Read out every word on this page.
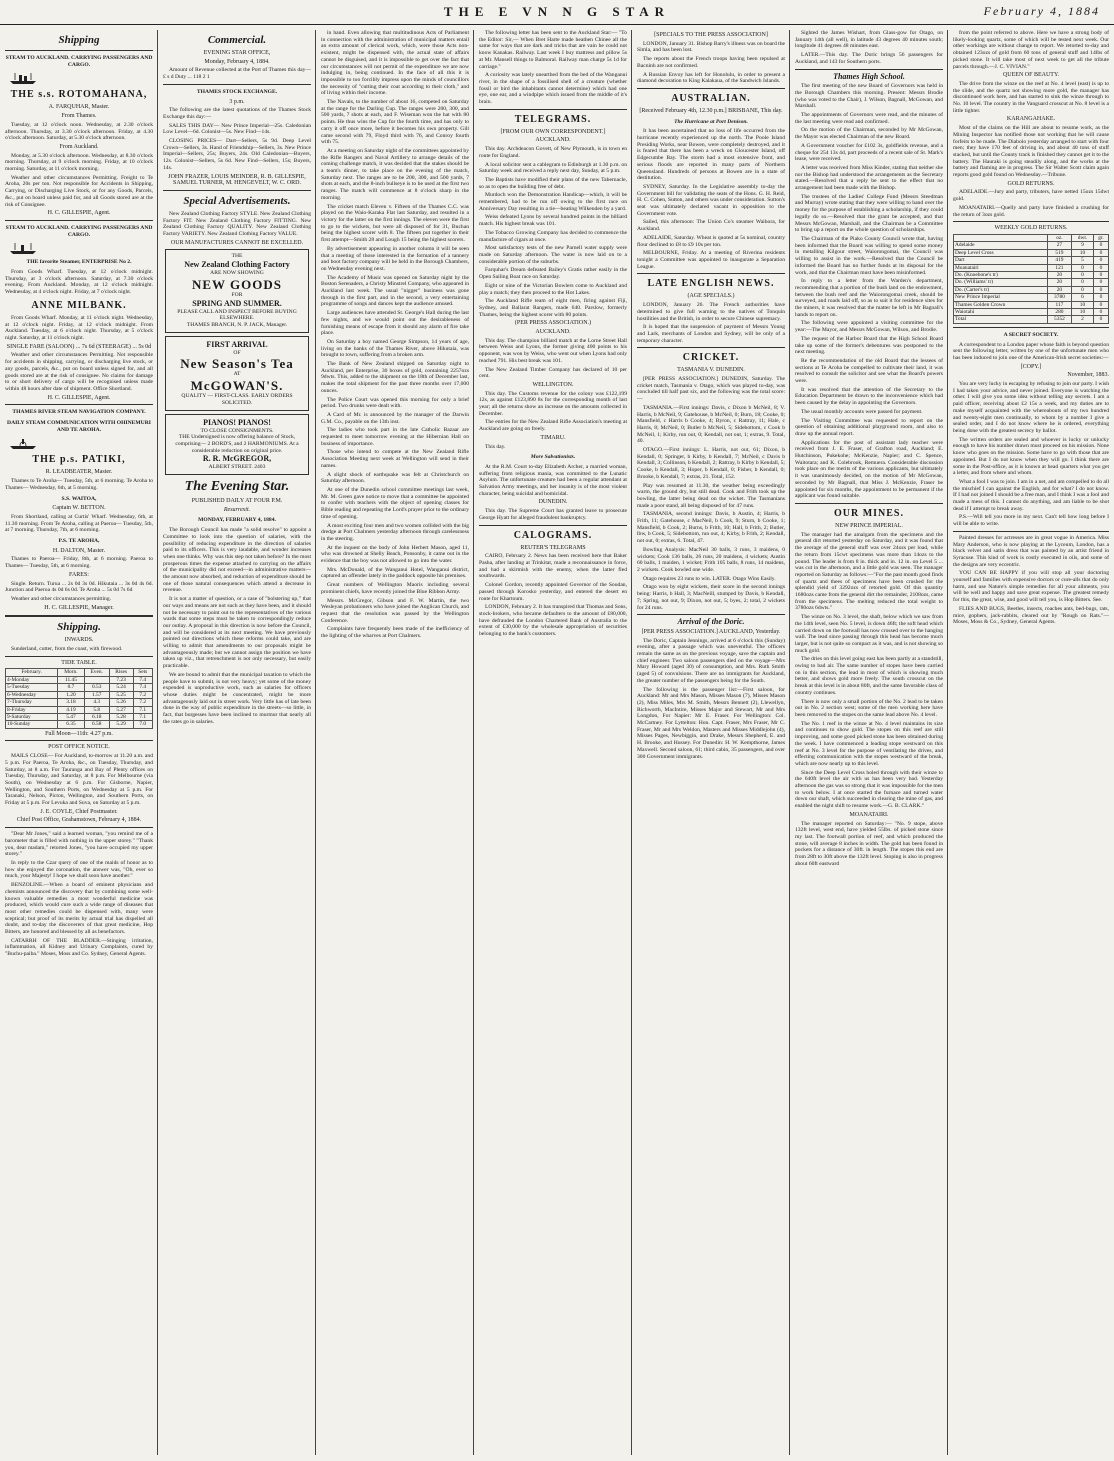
THE E VN N G STAR	February 4, 1884
Shipping
STEAM TO AUCKLAND. CARRYING PASSENGERS AND CARGO.
THE s.s. ROTOMAHANA,
A. FARQUHAR, Master.
From Thames.

Tuesday, at 12 o'clock noon. Wednesday, at 2.30 o'clock afternoon. Thursday, at 3.30 o'clock afternoon. Friday, at 4.30 o'clock afternoon. Saturday, at 5.30 o'clock afternoon.

From Auckland.

Monday, at 5.30 o'clock afternoon. Wednesday, at 8.30 o'clock morning. Thursday, at 9 o'clock morning. Friday, at 10 o'clock morning. Saturday, at 11 o'clock morning.

Weather and other circumstances Permitting. Freight to Te Aroha, 20s per ton. Not responsible for Accidents in Shipping, Carrying, or Discharging Live Stock, or for any Goods, Parcels, &c., put on board unless paid for, and all Goods stored are at the risk of Consignee.

H. C. GILLESPIE, Agent.
STEAM TO AUCKLAND. CARRYING PASSENGERS AND CARGO.
THE favorite Steamer, ENTERPRISE No 2.

From Goods Wharf. Tuesday, at 12 o'clock midnight. Thursday, at 3 o'clock afternoon. Saturday, at 7.30 o'clock evening. From Auckland. Monday, at 12 o'clock midnight. Wednesday, at 4 o'clock night. Friday, at 7 o'clock night.

ANNE MILBANK.

From Goods Wharf. Monday, at 11 o'clock night. Wednesday, at 12 o'clock night. Friday, at 12 o'clock midnight. From Auckland. Tuesday, at 6 o'clock night. Thursday, at 5 o'clock night. Saturday, at 11 o'clock night.

SINGLE FARE (SALOON) ... 7s 6d (STEERAGE) ... 5s 0d

Weather and other circumstances Permitting. Not responsible for accidents in shipping, carrying, or discharging live stock, or any goods, parcels, &c., put on board unless signed for, and all goods stored are at the risk of consignee. No claims for damage to or short delivery of cargo will be recognised unless made within 48 hours after date of shipment. Office Shortland.

H. C. GILLESPIE, Agent.
THAMES RIVER STEAM NAVIGATION COMPANY.
DAILY STEAM COMMUNICATION WITH OHINEMURI AND TE AROHA.
THE p.s. PATIKI,
R. LEADBEATER, Master.

Thames to Te Aroha— Tuesday, 5th, at 6 morning. Te Aroha to Thames— Wednesday, 6th, at 5 morning.

S.S. WAITOA,
Captain W. BETTON.

From Shortland, calling at Curtis' Wharf. Wednesday, 6th, at 11.30 morning. From Te Aroha, calling at Paeroa— Tuesday, 5th, at 7 morning. Thursday, 7th, at 6 morning.

P.S. TE AROHA,
H. DALTON, Master.

Thames to Paeroa— Friday, 8th, at 6 morning. Paeroa to Thames— Tuesday, 5th, at 6 morning.

FARES:

Single. Return. Turua ... 2s 0d 3s 0d. Hikutaia ... 3s 0d 4s 6d. Junction and Paeroa 4s 0d 6s 0d. Te Aroha ... 5s 0d 7s 6d

Weather and other circumstances permitting.

H. C. GILLESPIE, Manager.
Shipping.
INWARDS.

Sunderland, cutter, from the coast, with firewood.

TIDE TABLE.
February.	Morn.	Even.	Rises	Sets
4-Monday	11.45		7.23	7.4
5-Tuesday	0.7	0.53	5.24	7.4
6-Wednesday	1.20	1.57	5.25	7.2
7-Thursday	3.18	4.3	5.26	7.2
8-Friday	4.19	5.8	5.27	7.1
9-Saturday	5.47	6.18	5.28	7.1
10-Sunday	6.35	6.58	5.29	7.0
Full Moon—11th: 4.27 p.m.
POST OFFICE NOTICE.

MAILS CLOSE— For Auckland, to-morrow at 11.20 a.m. and 5 p.m. For Paeroa, Te Aroha, &c., on Tuesday, Thursday, and Saturday, at 8 a.m. For Tauranga and Bay of Plenty offices on Tuesday, Thursday, and Saturday, at 8 p.m. For Melbourne (via South), on Wednesday at 6 p.m. For Gisborne, Napier, Wellington, and Southern Ports, on Wednesday at 5 p.m. For Taranaki, Nelson, Picton, Wellington, and Southern Ports, on Friday at 5 p.m. For Levuka and Suva, on Saturday at 5 p.m.

J. E. COYLE, Chief Postmaster.
Chief Post Office, Grahamstown, February 4, 1884.

"Dear Mr Jones," said a learned woman, "you remind me of a barometer that is filled with nothing in the upper storey." "Thank you, dear madam," retorted Jones, "you have occupied my upper storey."

In reply to the Czar query of one of the maids of honor as to how she enjoyed the coronation, the answer was, "Oh, ever so much, your Majesty! I hope we shall soon have another."

BENZOLINE.—When a board of eminent physicians and chemists announced the discovery that by combining some well-known valuable remedies a most wonderful medicine was produced, which would cure such a wide range of diseases that most other remedies could be dispensed with, many were sceptical; but proof of its merits by actual trial has dispelled all doubt, and to-day the discoverers of that great medicine, Hop Bitters, are honored and blessed by all as benefactors.

CATARRH OF THE BLADDER.—Stinging irritation, inflammation, all Kidney and Urinary Complaints, cured by "Buchu-paiba." Moses, Moss and Co. Sydney, General Agents.

Commercial.
EVENING STAR OFFICE,
Monday, February 4, 1884.

Amount of Revenue collected at the Port of Thames this day— £ s d Duty ... 118 2 1

THAMES STOCK EXCHANGE.
3 p.m.

The following are the latest quotations of the Thames Stock Exchange this day:—

SALES THIS DAY— New Prince Imperial—25s. Caledonian Low Level—6d. Colonist—5s. New Find—14s.

CLOSING PRICES— Dart—Sellers, 5s 9d. Deep Level Crown—Sellers, 3s. Hand of Friendship—Sellers, 3s. New Prince Imperial—Sellers, 25s; Buyers, 24s. Old Caledonian—Buyers, 12s. Colonist—Sellers, 5s 6d. New Find—Sellers, 15s; Buyers, 14s.

JOHN FRAZER, LOUIS MEINDER, R. B. GILLESPIE, SAMUEL TURNER, M. HENGEVELT, W. C. ORD.
Special Advertisements.

New Zealand Clothing Factory STYLE. New Zealand Clothing Factory FIT. New Zealand Clothing Factory FITTING. New Zealand Clothing Factory QUALITY. New Zealand Clothing Factory VARIETY. New Zealand Clothing Factory VALUE.

OUR MANUFACTURES CANNOT BE EXCELLED.
THE
New Zealand Clothing Factory
ARE NOW SHOWING
NEW GOODS
FOR
SPRING AND SUMMER.
PLEASE CALL AND INSPECT BEFORE BUYING ELSEWHERE.
THAMES BRANCH, N. P. JACK, Manager.
FIRST ARRIVAL
OF
New Season's Tea
AT
McGOWAN'S.
QUALITY — FIRST-CLASS. EARLY ORDERS SOLICITED.
PIANOS! PIANOS!
TO CLOSE CONSIGNMENTS.
THE Undersigned is now offering balance of Stock, comprising— 2 BORD'S, and 2 HARMONIUMS. At a considerable reduction on original price.
R. R. McGREGOR,
ALBERT STREET. 2403
The Evening Star.
PUBLISHED DAILY AT FOUR P.M.
Resurrexit.
MONDAY, FEBRUARY 4, 1884.

The Borough Council has made "a solid resolve" to appoint a Committee to look into the question of salaries, with the possibility of reducing expenditure in the direction of salaries paid to its officers. This is very laudable, and wonder increases when one thinks. Why was this step not taken before? In the most prosperous times the expense attached to carrying on the affairs of the municipality did not exceed—in administrative matters—the amount now absorbed, and reduction of expenditure should be one of those natural consequences which attend a decrease in revenue.

It is not a matter of question, or a case of "bolstering up," that our ways and means are not such as they have been, and it should not be necessary to point out to the representatives of the various wards that some steps must be taken to correspondingly reduce our outlay. A proposal in this direction is now before the Council, and will be considered at its next meeting. We have previously pointed out directions which these reforms could take, and are willing to admit that amendments to our proposals might be advantageously made; but we cannot assign the position we have taken up viz., that retrenchment is not only necessary, but easily practicable.

We are bound to admit that the municipal taxation to which the people have to submit, is not very heavy; yet some of the money expended is unproductive work, such as salaries for officers whose duties might be concentrated, might be more advantageously laid out in street work. Very little has of late been done in the way of public expenditure in the streets—so little, in fact, that burgesses have been inclined to murmur that nearly all the rates go in salaries.

in hand. Even allowing that multitudinous Acts of Parliament in connection with the administration of municipal matters entail an extra amount of clerical work, which, were those Acts non-existent, might be dispensed with, the actual state of affairs cannot be disguised, and it is impossible to get over the fact that our circumstances will not permit of the expenditure we are now indulging in, being continued. In the face of all this it is impossible to too forcibly impress upon the minds of councillors the necessity of "cutting their coat according to their cloth," and of living within their income.

The Navals, to the number of about 16, competed on Saturday at the range for the Darling Cup. The ranges were 200, 300, and 500 yards, 7 shots at each, and F. Wiseman won the hat with 80 points. He thus wins the Cup for the fourth time, and has only to carry it off once more, before it becomes his own property. Gill came second with 79, Floyd third with 76, and Conroy fourth with 75.

At a meeting on Saturday night of the committees appointed by the Rifle Rangers and Naval Artillery to arrange details of the coming challenge match, it was decided that the stakes should be a team's dinner, to take place on the evening of the match, Saturday next. The ranges are to be 200, 300, and 500 yards, 7 shots at each, and the 8-inch bullseye is to be used at the first two ranges. The match will commence at 8 o'clock sharp in the morning.

The cricket match Eleven v. Fifteen of the Thames C.C. was played on the Waio-Karaka Flat last Saturday, and resulted in a victory for the latter on the first innings. The eleven were the first to go to the wickets, but were all disposed of for 31, Buchan being the highest scorer with 8. The fifteen put together in their first attempt—Smith 28 and Lough 15 being the highest scorers.

By advertisement appearing in another column it will be seen that a meeting of those interested in the formation of a tannery and boot factory company will be held in the Borough Chambers, on Wednesday evening next.

The Academy of Music was opened on Saturday night by the Boston Serenaders, a Christy Minstrel Company, who appeared in Auckland last week. The usual "nigger" business was gone through in the first part, and in the second, a very entertaining programme of songs and dances kept the audience amused.

Large audiences have attended St. George's Hall during the last few nights, and we would point out the desirableness of furnishing means of escape from it should any alarm of fire take place.

On Saturday a boy named George Simpson, 14 years of age, living on the banks of the Thames River, above Hikutaia, was brought to town, suffering from a broken arm.

The Bank of New Zealand shipped on Saturday night to Auckland, per Enterprise, 30 boxes of gold, containing 2257ozs 9dwts. This, added to the shipment on the 18th of December last, makes the total shipment for the past three months over 17,000 ounces.

The Police Court was opened this morning for only a brief period. Two drunks were dealt with.

A Card of Mr. is announced by the manager of the Darwin G.M. Co., payable on the 13th inst.

The ladies who took part in the late Catholic Bazaar are requested to meet tomorrow evening at the Hibernian Hall on business of importance.

Those who intend to compete at the New Zealand Rifle Association Meeting next week at Wellington will send in their names.

A slight shock of earthquake was felt at Christchurch on Saturday afternoon.

At one of the Dunedin school committee meetings last week, Mr. M. Green gave notice to move that a committee be appointed to confer with teachers with the object of opening classes for Bible reading and repeating the Lord's prayer prior to the ordinary time of opening.

A most exciting four men and two women collided with the big dredge at Port Chalmers yesterday afternoon through carelessness in the steering.

At the inquest on the body of John Herbert Mason, aged 11, who was drowned at Shelly Beach, Ponsonby, it came out in the evidence that the boy was not allowed to go into the water.

Mrs. McDonald, of the Wanganui Hotel, Wanganui district, captured an offender lately in the paddock opposite his premises.

Great numbers of Wellington Maoris including several prominent chiefs, have recently joined the Blue Ribbon Army.

Messrs. McGregor, Gibson and F. W. Martin, the two Wesleyan probationers who have joined the Anglican Church, and request that the resolution was passed by the Wellington Conference.

Complaints have frequently been made of the inefficiency of the lighting of the wharves at Port Chalmers.

The following letter has been sent to the Auckland Star:— "To the Editor: Sir,— When Bret Harte made heathen Chinee all the same for ways that are dark and tricks that are vain he could not know Kanakas. Railway. Last week I buy mattress and pillow 5s at Mr. Mansell things to Balmoral. Railway man charge 5s 1d for carriage."

A curiosity was lately unearthed from the bed of the Wanganui river, in the shape of a fossilised shell of a creature (whether fossil or bird the inhabitants cannot determine) which had one eye, one ear, and a windpipe which issued from the middle of it's brain.

TELEGRAMS.
[FROM OUR OWN CORRESPONDENT.]
AUCKLAND.

This day. Archdeacon Govett, of New Plymouth, is in town en route for England.

A local solicitor sent a cablegram to Edinburgh at 1.30 p.m. on Saturday week and received a reply next day, Sunday, at 5 p.m.

The Baptists have modified their plans of the new Tabernacle, so as to open the building free of debt.

Murdoch won the Demonstration Handicap—which, it will be remembered, had to be run off owing to the first race on Anniversary Day resulting in a tie—beating Wilkenden by a yard.

Weiss defeated Lyons by several hundred points in the billiard match. His highest break was 101.

The Tobacco Growing Company has decided to commence the manufacture of cigars at once.

Most satisfactory tests of the new Parnell water supply were made on Saturday afternoon. The water is now laid on to a considerable portion of the suburbs.

Farquhar's Dream defeated Bailey's Gratis rather easily in the Open Sailing Boat race on Saturday.

Eight or nine of the Victorian Bowlers come to Auckland and play a match; they then proceed to the Hot Lakes.

The Auckland Rifle team of eight men, firing against Fiji, Sydney, and Ballarat Rangers, made 640. Parslow, formerly Thames, being the highest scorer with 80 points.

(PER PRESS ASSOCIATION.)
AUCKLAND.

This day. The champion billiard match at the Lorne Street Hall between Weiss and Lyons, the former giving 400 points to his opponent, was won by Weiss, who went out when Lyons had only reached 791. His best break was 101.

The New Zealand Timber Company has declared of 10 per cent.

WELLINGTON.

This day. The Customs revenue for the colony was £122,199 12s, as against £123,890 8s for the corresponding month of last year; all the returns show an increase on the amounts collected in December.

The entries for the New Zealand Rifle Association's meeting at Auckland are going on freely.

TIMARU.

This day.

More Salvationists.

At the R.M. Court to-day Elizabeth Archer, a married woman, suffering from religious mania, was committed to the Lunatic Asylum. The unfortunate creature had been a regular attendant at Salvation Army meetings, and her insanity is of the most violent character, being suicidal and homicidal.

DUNEDIN.

This day. The Supreme Court has granted leave to prosecute George Hyatt for alleged fraudulent bankruptcy.

CALOGRAMS.
REUTER'S TELEGRAMS

CAIRO, February 2. News has been received here that Baker Pasha, after landing at Trinkitat, made a reconnaissance in force, and had a skirmish with the enemy, when the latter fled southwards.

Colonel Gordon, recently appointed Governor of the Soudan, passed through Korosko yesterday, and entered the desert en route for Khartoum.

LONDON, February 2. It has transpired that Thomas and Sons, stock-brokers, who became defaulters to the amount of £80,000, have defrauded the London Chartered Bank of Australia to the extent of £30,000 by the wholesale appropriation of securities belonging to the bank's customers.

[SPECIALS TO THE PRESS ASSOCIATION]

LONDON, January 31. Bishop Barry's illness was on board the Simla, and has been lost.

The reports about the French troops having been repulsed at Bacninh are not confirmed.

A Russian Envoy has left for Honolulu, in order to present a diamond decoration to King Kalakaua, of the Sandwich Islands.

AUSTRALIAN.
[Received February 4th, 12.30 p.m.] BRISBANE, This day.
The Hurricane at Port Denison.

It has been ascertained that no loss of life occurred from the hurricane recently experienced up the north. The Poole Island Presiding Works, near Bowen, were completely destroyed, and it is feared that there has been a wreck on Gloucester Island, off Edgecumbe Bay. The storm had a most extensive front, and serious floods are reported in many parts of Northern Queensland. Hundreds of persons at Bowen are in a state of destitution.

SYDNEY, Saturday. In the Legislative assembly to-day the Government bill for validating the seats of the Hons. G. H. Reid, H. C. Cohen, Sutton, and others was under consideration. Sutton's seat was ultimately declared vacant in opposition to the Government vote.

Sailed, this afternoon: The Union Co's steamer Waihora, for Auckland.

ADELAIDE, Saturday. Wheat is quoted at 5s nominal, country flour declined to £8 to £9 10s per ton.

MELBOURNE, Friday. At a meeting of Riverina residents tonight a Committee was appointed to inaugurate a Separation League.

LATE ENGLISH NEWS.
(AGE SPECIALS.)

LONDON, January 26. The French authorities have determined to give full warning to the natives of Tonquin hostilities and the British, in order to secure Chinese supremacy.

It is hoped that the suspension of payment of Messrs Young and Lark, merchants of London and Sydney, will be only of a temporary character.

CRICKET.
TASMANIA V. DUNEDIN.

[PER PRESS ASSOCIATION.] DUNEDIN, Saturday. The cricket match, Tasmania v. Otago, which was played to-day, was concluded till half past six, and the following was the total score:—

TASMANIA.—First innings: Davis, c Dixon b McNeil, 8; V. Harris, b McNeil, 9; Gatehouse, b McNeil, 0; Burn, 18; Cooke, 0; Mansfield, c Harris b Cooke, 4; Byron, c Rattray, 11; Hale, c Harris, 8; McNeil, 0; Butler b McNeil, 5; Sidebottom, c Cook b McNeil, 1; Kirby, run out, 0; Kendall, not out, 1; extras, 9. Total, 40.

OTAGO.—First innings: L. Harris, not out, 61; Dixon, b Kendall, 0; Springer, b Kirby, b Kendall, 7; McNeil, c Davis b Kendall, 3; Collinson, b Kendall, 2; Rattray, b Kirby b Kendall, 5; Cooke, b Kendall, 3; Hoper, b Kendall, 0; Fisher, b Kendall, 0; Brooke, b Kendall, 7; extras, 21. Total, 152.

Play was resumed at 11.30, the weather being exceedingly warm, the ground dry, but still dead. Cook and Frith took up the bowling, the latter being dead on the wicket. The Tasmanians made a poor stand, all being disposed of for 47 runs.

TASMANIA, second innings: Davis, b Austin, 4; Harris, b Frith, 11; Gatehouse, c MacNeil, b Cook, 9; Sturn, b Cooke, 1; Mansfield, b Cook, 2; Burns, b Frith, 10; Hall, b Frith, 2; Butler, lbw, b Cook, 5; Sidebottom, run out, 4; Kirby, b Frith, 2; Kendall, not out, 0; extras, 6. Total, 47.

Bowling Analysis: MacNeil 30 balls, 3 runs, 3 maidens, 0 wickets; Cook 136 balls, 26 runs, 20 maidens, 4 wickets; Austin 60 balls, 1 maiden, 1 wicket; Frith 105 balls, 8 runs, 14 maidens, 2 wickets. Cook bowled one wide.

Otago requires 23 runs to win. LATER. Otago Wins Easily.

Otago won by eight wickets, their score in the second innings being: Harris, b Hall, 3; MacNeill, stumped by Davis, b Kendall, 7; Spring, not out, 9; Dixon, not out, 5; byes, 2; total, 2 wickets for 24 runs.

Arrival of the Doric.
[PER PRESS ASSOCIATION.] AUCKLAND, Yesterday.

The Doric, Captain Jennings, arrived at 6 o'clock this (Sunday) evening, after a passage which was uneventful. The officers remain the same as on the previous voyage, save the captain and chief engineer. Two saloon passengers died on the voyage—Mrs Mary Howard (aged 30) of consumption, and Mrs. Ruth Smith (aged 5) of convulsions. There are no immigrants for Auckland, the greater number of the passengers being for the South.

The following is the passenger list:—First saloon, for Auckland: Mr and Mrs Mason, Misses Mason (7), Misses Mason (2), Miss Miles, Mrs M. Smith, Messrs Bennett (2), Llewellyn, Richworth, MacIntire, Misses Major and Stewart, Mr and Mrs Longdon, For Napier: Mr E. Fraser. For Wellington: Col. McCartney. For Lyttelton: Hon. Capt. Fraser, Mrs Fraser, Mr C. Fraser, Mr and Mrs Weldon, Masters and Misses Middlejohn (4), Misses Pages, Newbiggin, and Drake, Messrs Shepherd, E. and H. Brooke, and Hussey. For Dunedin: H. W. Kempthorne, James Maxwell. Second saloon, 61; third cabin, 35 passengers, and over 300 Government immigrants.

Sighted the James Wishart, from Glass-gow for Otago, on January 14th (all well), in latitude 43 degrees 40 minutes south; longitude 41 degrees 48 minutes east.

LATER.—This day. The Doric brings 56 passengers for Auckland, and 143 for Southern ports.

Thames High School.

The first meeting of the new Board of Governors was held in the Borough Chambers this morning. Present: Messrs Brodie (who was voted to the Chair), J. Wilson, Bagnall, McGowan, and Marshall.

The appointments of Governors were read, and the minutes of the last meeting were read and confirmed.

On the motion of the Chairman, seconded by Mr McGowan, the Mayor was elected Chairman of the new Board.

A Government voucher for £102 3s, goldfields revenue, and a cheque for 254 13s 4d, part proceeds of a recent sale of St. Mark's lease, were received.

A letter was received from Miss Kinder, stating that neither she nor the Bishop had understood the arrangements as the Secretary stated.—Resolved that a reply be sent to the effect that no arrangement had been made with the Bishop.

The trustees of the Ladies' College Fund (Messrs Steedman and Murray) wrote stating that they were willing to hand over the money for the purpose of establishing a scholarship, if they could legally do so.—Resolved that the grant be accepted, and that Messrs McGowan, Marshall, and the Chairman be a Committee to bring up a report on the whole question of scholarships.

The Chairman of the Piako County Council wrote that, having been informed that the Board was willing to spend some money in metalling Kilgour street, Waiorongomai, the Council was willing to assist in the work.—Resolved that the Council be informed the Board has no further funds at its disposal for the work, and that the Chairman must have been misinformed.

In reply to a letter from the Warden's department, recommending that a portion of the bush land on the endowment, between the bush reef and the Waiorongomai creek, should be surveyed, and roads laid off, so as to suit it for residence sites for the miners, it was resolved that the matter be left in Mr Bagnall's hands to report on.

The following were appointed a visiting committee for the year:—The Mayor, and Messrs McGowan, Wilson, and Brodie.

The request of the Harbor Board that the High School Board take up some of the former's debentures was postponed to the next meeting.

Re the recommendation of the old Board that the lessees of sections at Te Aroha be compelled to cultivate their land, it was resolved to consult the solicitor and see what the Board's powers were.

It was resolved that the attention of the Secretary to the Education Department be drawn to the inconvenience which had been caused by the delay in appointing the Governors.

The usual monthly accounts were passed for payment.

The Visiting Committee was requested to report on the question of obtaining additional playground room, and also to draw up the annual report.

Applications for the post of assistant lady teacher were received from J. E. Fraser, of Grafton road, Auckland; E. Hutchinson, Pukekohe; McKenzie, Napier; and C. Spence, Waitotara; and K. Colebrook, Remuera. Considerable discussion took place on the merits of the various applicants, but ultimately it was unanimously decided, on the motion of Mr McGowan, seconded by Mr Bagnall, that Miss J. McKenzie, Fraser be appointed for six months, the appointment to be permanent if the applicant was found suitable.

OUR MINES.
NEW PRINCE IMPERIAL.

The manager had the amalgam from the specimens and the general dirt retorted yesterday on Saturday, and it was found that the average of the general stuff was over 24ozs per load, while the return from 15cwt specimens was more than 14ozs to the pound. The leader is from 8 in. thick and in. 12 in. on Level 5 ... was cut in the afternoon, and a little gold was seen. The manager reported on Saturday as follows:—"For the past month good finds of quartz and thees of specimens have been crushed for the splendid yield of 3292ozs of retorted gold. Of this quantity 1680ozs came from the general dirt the remainder, 2108ozs, came from the specimens. The melting reduced the total weight to 3780ozs 6dwts."

The winze on No. 3 level, the shaft, below which we saw from the 14th level, seen No. 5 level, is down 46ft; the soft head which carried down on the footwall has now crossed over to the hanging wall. The lead since passing through this head has become much larger, but is not quite so compact as it was, and is not showing so much gold.

The dries on this level going east has been partly at a standstill, owing to bad air. The same number of stopes have been carried on in this section, the lead in most of which is showing much better, and shows gold more freely. The south crosscut on the break at this level is in about 80ft, and the same favorable class of country continues.

There is now only a small portion of the No. 2 lead to be taken out in No. 2 section west; some of the men working here have been removed to the stopes on the same lead above No. 4 level.

The No. 1 reef in the winze at No. 4 level maintains its size and continues to show gold. The stopes on this reef are still improving, and some good picked stone has been obtained during the week. I have commenced a leading stope westward on this reef at No. 3 level for the purpose of ventilating the drives, and effecting communication with the stopes westward of the break, which are now nearly up to this level.

Since the Deep Level Cross holed through with their winze to the 640ft level the air with us has been very bad. Yesterday afternoon the gas was so strong that it was impossible for the men to work below. I at once started the furnace and turned water down our shaft, which succeeded in clearing the mine of gas, and enabled the night shift to resume work.—G. B. CLARK."

MOANATAIRI.

The manager reported on Saturday:— "No. 9 stope, above 132ft level, west end, have yielded 55lbs. of picked stone since my last. The footwall portion of reef, and which produced the stone, will average 8 inches in width. The gold has been found in pockets for a distance of 30ft. in length. The stopes this end are from 28ft to 30ft above the 132ft level. Stoping is also in progress about 60ft eastward

from the point referred to above. Here we have a strong body of likely-looking quartz, some of which will be tested next week. Our other workings are without change to report. We retorted to-day and obtained 123ozs of gold from 60 tons of general stuff and 14lbs of picked stone. It will take most of next week to get all the tribute parcels through.—J. C. VIVIAN."

QUEEN OF BEAUTY.

The drive from the winze on the reef at No. 4 level (east) is up to the slide, and the quartz not showing more gold, the manager has discontinued work here, and has started to sink the winze through to No. 10 level. The country in the Vanguard crosscut at No. 8 level is a little tighter.

KARANGAHAKE.

Most of the claims on the Hill are about to resume work, as the Mining Inspector has notified those not working that he will cause forfeits to be made. The Diabolo yesterday arranged to start with four men; they have 170 feet of driving in, and about 40 tons of stuff stacked, but until the County track is finished they cannot get it to the battery. The Hauraki is going steadily along, and the works at the battery and flaming are in progress. The Sir Walter Scott claim again reports good gold found on Wednesday.—Tribune.

GOLD RETURNS.

ADELAIDE.—Jury and party, tributers, have netted 15ozs 15dwt gold.

MOANATAIRI.—Quelly and party have finished a crushing for the return of 3ozs gold.

WEEKLY GOLD RETURNS.
	oz.	dwt.	gr.
Adelaide	27	9	0
Deep Level Cross	519	10	0
Dart	419	5	0
Moanatairi	121	0	0
Do. (Knoebone's tr)	20	0	0
Do. (Williams' tr)	20	0	0
Do. (Carter's tr)	20	0	0
New Prince Imperial	3780	6	0
Thames Golden Crown	117	10	0
Waiotahi	280	10	0
Total	5352	2	0
A SECRET SOCIETY.

A correspondent to a London paper whose faith is beyond question sent the following letter, written by one of the unfortunate men who has been induced to join one of the American-Irish secret societies:—

[COPY.]
November, 1883.

You are very lucky in escaping by refusing to join our party. I wish I had taken your advice, and never joined. Everyone is watching the other. I will give you some idea without telling any secrets. I am a paid officer, receiving about £2 15s a week, and my duties are to make myself acquainted with the whereabouts of my two hundred and twenty-eight men continually, to whom by a number I give a sealed order, and I do not know where he is ordered, everything being done with the greatest secrecy by ballot.

The written orders are sealed and whoever is lucky or unlucky enough to have his number drawn must proceed on his mission. None know who goes on the mission. Some have to go with those that are appointed. But I do not know when they will go. I think there are some in the Post-office, as it is known at head quarters what you get a letter, and from where and whom.

What a fool I was to join. I am in a net, and am compelled to do all the mischief I can against the English, and for what? I do not know. If I had not joined I should be a free man, and I think I was a fool and made a mess of this. I cannot do anything, and am liable to be shot dead if I attempt to break away.

P.S.—Will tell you more in my next. Can't tell how long before I will be able to write.

Painted dresses for actresses are in great vogue in America. Miss Mary Anderson, who is now playing at the Lyceum, London, has a black velvet and satin dress that was painted by an artist friend in Syracuse. This kind of work is costly executed in oils, and some of the designs are very eccentric.

YOU CAN BE HAPPY if you will stop all your doctoring yourself and families with expensive doctors or cure-alls that do only harm, and use Nature's simple remedies for all your ailments, you will be well and happy and save great expense. The greatest remedy for this, the great, wise, and good will tell you, is Hop Bitters. See.

FLIES AND BUGS, Beetles, insects, roaches ants, bed-bugs, rats, mice, gophers, jack-rabbits, cleared out by "Rough on Rats."—Moses, Moss & Co., Sydney, General Agents.
